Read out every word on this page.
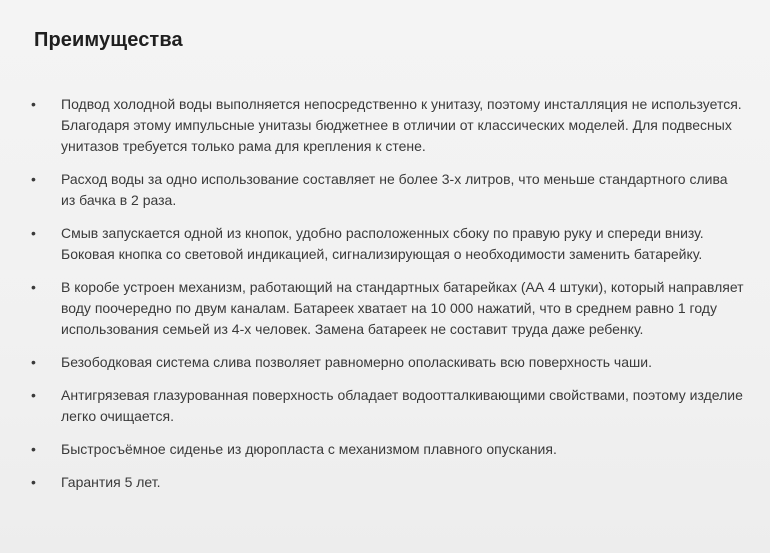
Преимущества
• Подвод холодной воды выполняется непосредственно к унитазу, поэтому инсталляция не используется. Благодаря этому импульсные унитазы бюджетнее в отличии от классических моделей. Для подвесных унитазов требуется только рама для крепления к стене.
• Расход воды за одно использование составляет не более 3-х литров, что меньше стандартного слива из бачка в 2 раза.
• Смыв запускается одной из кнопок, удобно расположенных сбоку по правую руку и спереди внизу. Боковая кнопка со световой индикацией, сигнализирующая о необходимости заменить батарейку.
• В коробе устроен механизм, работающий на стандартных батарейках (АА 4 штуки), который направляет воду поочередно по двум каналам. Батареек хватает на 10 000 нажатий, что в среднем равно 1 году использования семьей из 4-х человек. Замена батареек не составит труда даже ребенку.
• Безободковая система слива позволяет равномерно ополаскивать всю поверхность чаши.
• Антигрязевая глазурованная поверхность обладает водоотталкивающими свойствами, поэтому изделие легко очищается.
• Быстросъёмное сиденье из дюропласта с механизмом плавного опускания.
• Гарантия 5 лет.
